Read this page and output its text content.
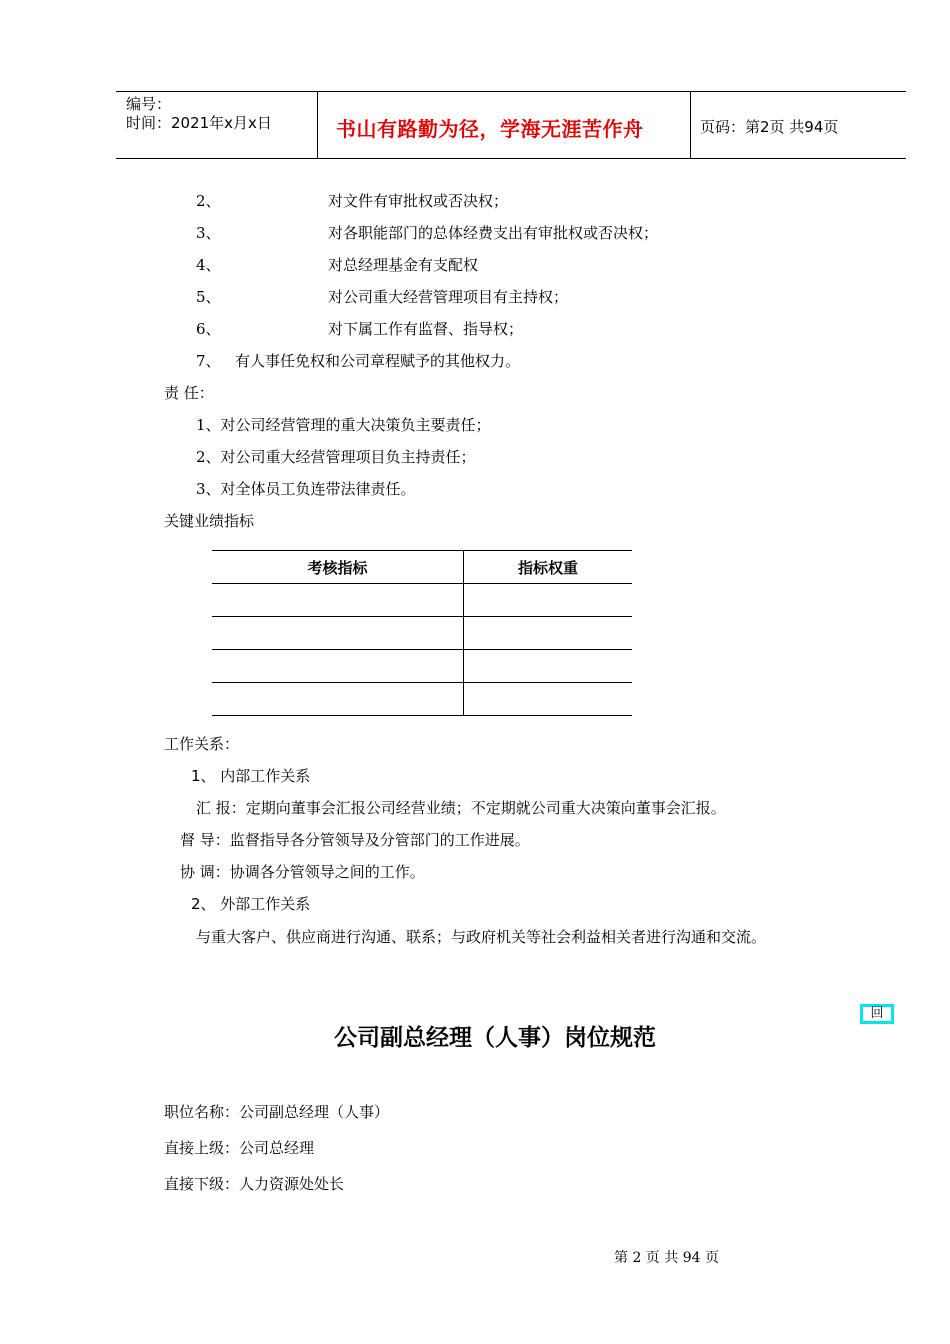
编号：
时间：2021年x月x日	书山有路勤为径，学海无涯苦作舟	页码：第2页 共94页
2、	对文件有审批权或否决权；
3、	对各职能部门的总体经费支出有审批权或否决权；
4、	对总经理基金有支配权
5、	对公司重大经营管理项目有主持权；
6、	对下属工作有监督、指导权；
7、 有人事任免权和公司章程赋予的其他权力。
责 任：
1、对公司经营管理的重大决策负主要责任；
2、对公司重大经营管理项目负主持责任；
3、对全体员工负连带法律责任。
关键业绩指标
考核指标	指标权重

工作关系：
1、 内部工作关系
汇 报：定期向董事会汇报公司经营业绩；不定期就公司重大决策向董事会汇报。
督 导：监督指导各分管领导及分管部门的工作进展。
协 调：协调各分管领导之间的工作。
2、 外部工作关系
与重大客户、供应商进行沟通、联系；与政府机关等社会利益相关者进行沟通和交流。
回
公司副总经理（人事）岗位规范
职位名称：公司副总经理（人事）
直接上级：公司总经理
直接下级：人力资源处处长
第 2 页 共 94 页
